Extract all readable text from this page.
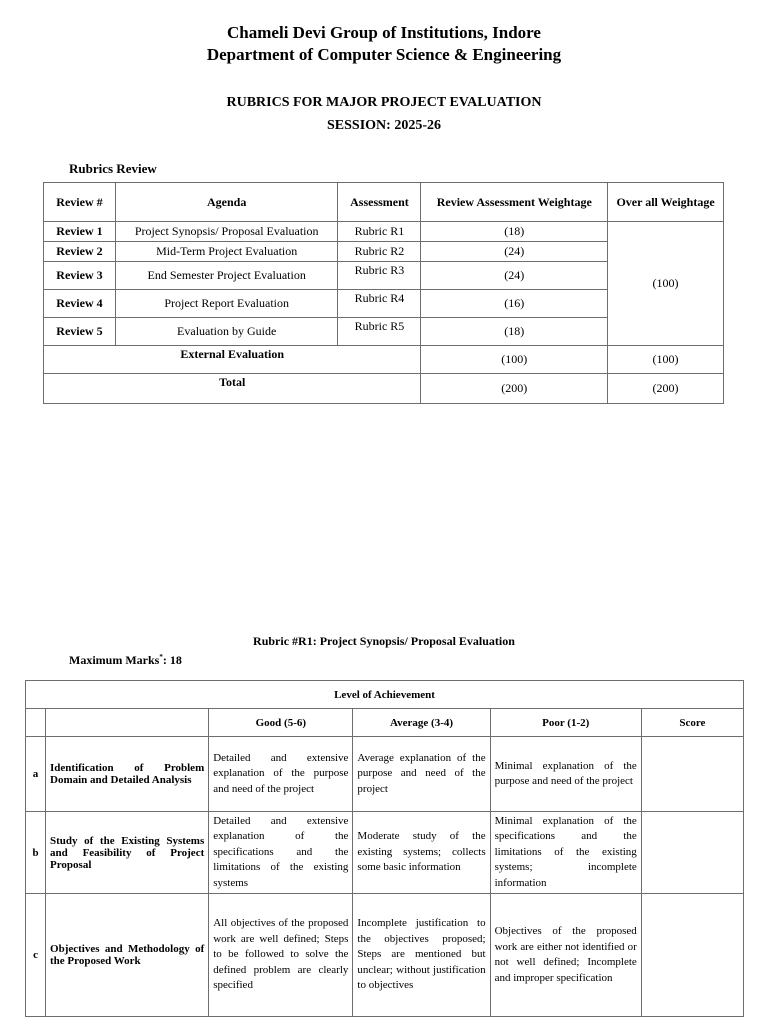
Chameli Devi Group of Institutions, Indore
Department of Computer Science & Engineering
RUBRICS FOR MAJOR PROJECT EVALUATION
SESSION: 2025-26
Rubrics Review
Review #	Agenda	Assessment	Review Assessment Weightage	Over all Weightage
Review 1	Project Synopsis/ Proposal Evaluation	Rubric R1	(18)	(100)
Review 2	Mid-Term Project Evaluation	Rubric R2	(24)	
Review 3	End Semester Project Evaluation	Rubric R3	(24)	
Review 4	Project Report Evaluation	Rubric R4	(16)	
Review 5	Evaluation by Guide	Rubric R5	(18)	
External Evaluation			(100)	(100)
Total			(200)	(200)
Rubric #R1: Project Synopsis/ Proposal Evaluation
Maximum Marks*: 18
Level of Achievement					
		Good (5-6)	Average (3-4)	Poor (1-2)	Score
a	Identification of Problem Domain and Detailed Analysis	Detailed and extensive explanation of the purpose and need of the project	Average explanation of the purpose and need of the project	Minimal explanation of the purpose and need of the project	
b	Study of the Existing Systems and Feasibility of Project Proposal	Detailed and extensive explanation of the specifications and the limitations of the existing systems	Moderate study of the existing systems; collects some basic information	Minimal explanation of the specifications and the limitations of the existing systems; incomplete information	
c	Objectives and Methodology of the Proposed Work	All objectives of the proposed work are well defined; Steps to be followed to solve the defined problem are clearly specified	Incomplete justification to the objectives proposed; Steps are mentioned but unclear; without justification to objectives	Objectives of the proposed work are either not identified or not well defined; Incomplete and improper specification	
